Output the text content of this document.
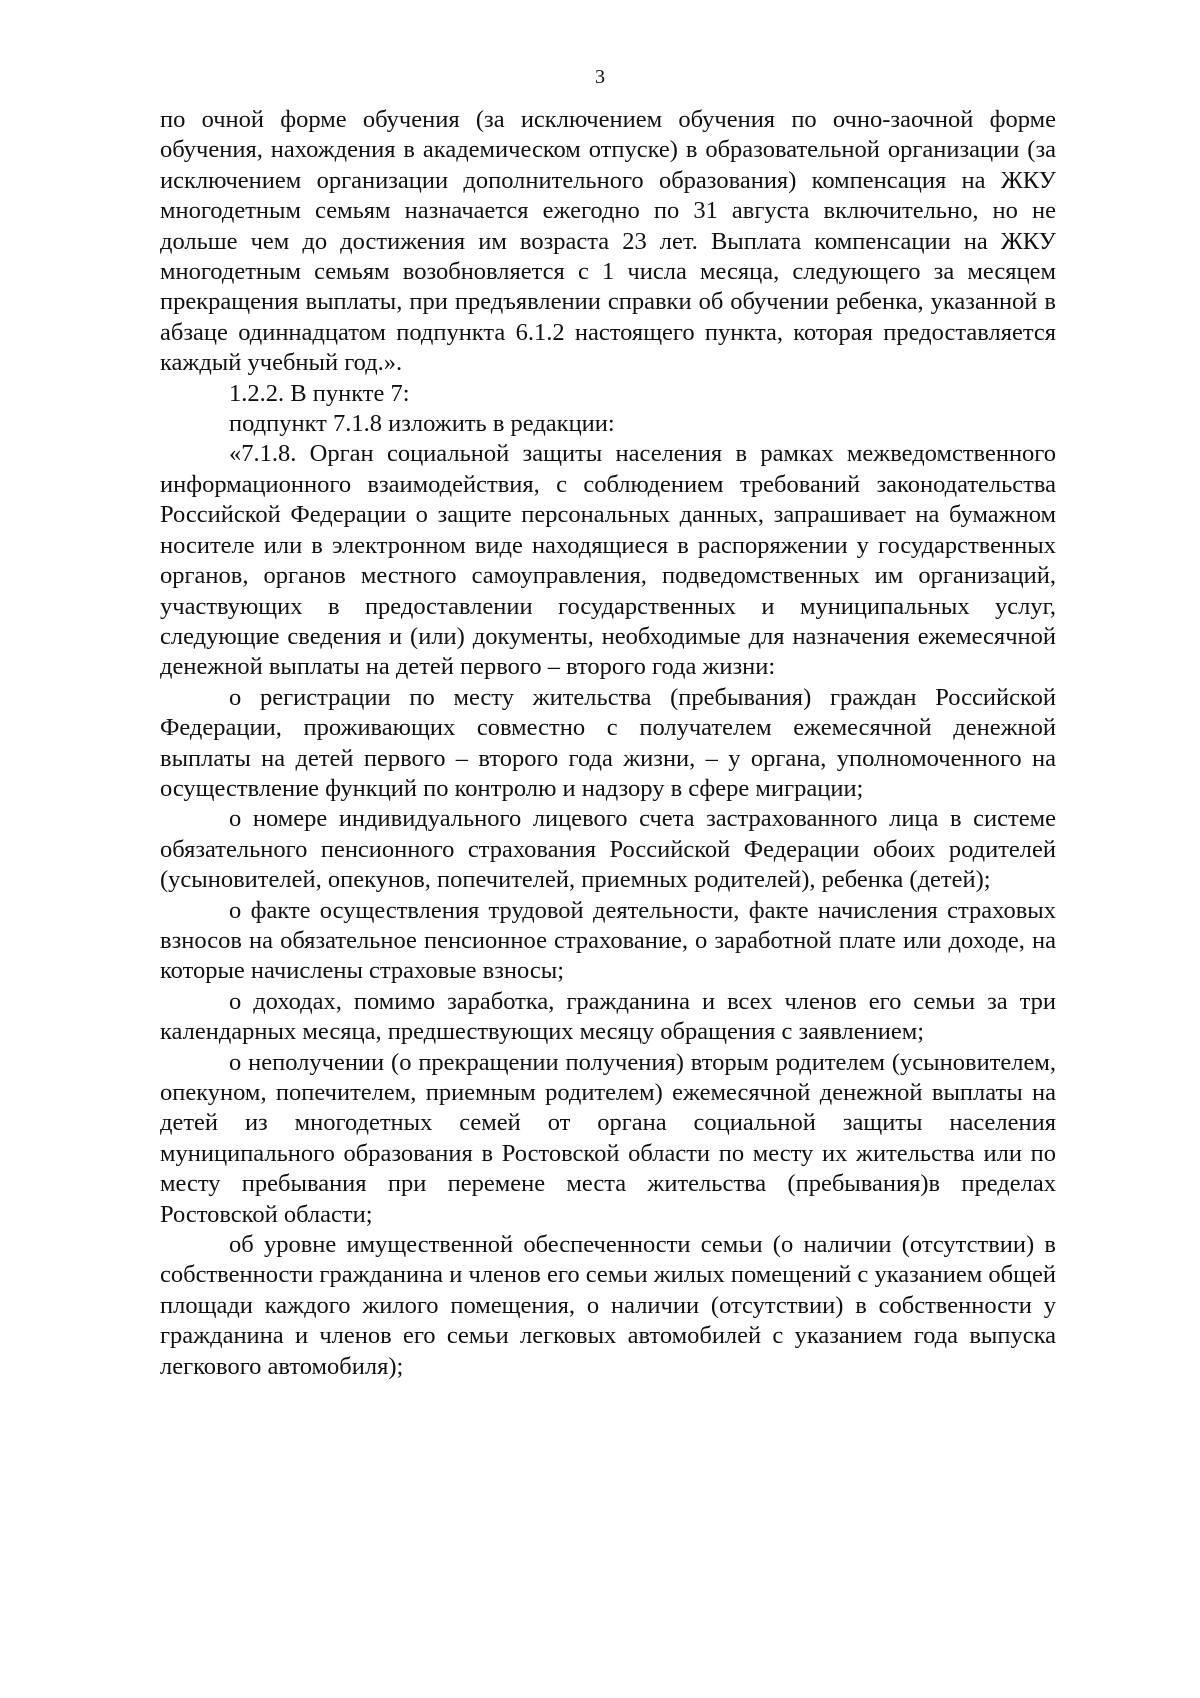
3

по очной форме обучения (за исключением обучения по очно-заочной форме обучения, нахождения в академическом отпуске) в образовательной организации (за исключением организации дополнительного образования) компенсация на ЖКУ многодетным семьям назначается ежегодно по 31 августа включительно, но не дольше чем до достижения им возраста 23 лет. Выплата компенсации на ЖКУ многодетным семьям возобновляется с 1 числа месяца, следующего за месяцем прекращения выплаты, при предъявлении справки об обучении ребенка, указанной в абзаце одиннадцатом подпункта 6.1.2 настоящего пункта, которая предоставляется каждый учебный год.».

1.2.2. В пункте 7:

подпункт 7.1.8 изложить в редакции:

«7.1.8. Орган социальной защиты населения в рамках межведомственного информационного взаимодействия, с соблюдением требований законодательства Российской Федерации о защите персональных данных, запрашивает на бумажном носителе или в электронном виде находящиеся в распоряжении у государственных органов, органов местного самоуправления, подведомственных им организаций, участвующих в предоставлении государственных и муниципальных услуг, следующие сведения и (или) документы, необходимые для назначения ежемесячной денежной выплаты на детей первого – второго года жизни:

о регистрации по месту жительства (пребывания) граждан Российской Федерации, проживающих совместно с получателем ежемесячной денежной выплаты на детей первого – второго года жизни, – у органа, уполномоченного на осуществление функций по контролю и надзору в сфере миграции;

о номере индивидуального лицевого счета застрахованного лица в системе обязательного пенсионного страхования Российской Федерации обоих родителей (усыновителей, опекунов, попечителей, приемных родителей), ребенка (детей);

о факте осуществления трудовой деятельности, факте начисления страховых взносов на обязательное пенсионное страхование, о заработной плате или доходе, на которые начислены страховые взносы;

о доходах, помимо заработка, гражданина и всех членов его семьи за три календарных месяца, предшествующих месяцу обращения с заявлением;

о неполучении (о прекращении получения) вторым родителем (усыновителем, опекуном, попечителем, приемным родителем) ежемесячной денежной выплаты на детей из многодетных семей от органа социальной защиты населения муниципального образования в Ростовской области по месту их жительства или по месту пребывания при перемене места жительства (пребывания)в пределах Ростовской области;

об уровне имущественной обеспеченности семьи (о наличии (отсутствии) в собственности гражданина и членов его семьи жилых помещений с указанием общей площади каждого жилого помещения, о наличии (отсутствии) в собственности у гражданина и членов его семьи легковых автомобилей с указанием года выпуска легкового автомобиля);
